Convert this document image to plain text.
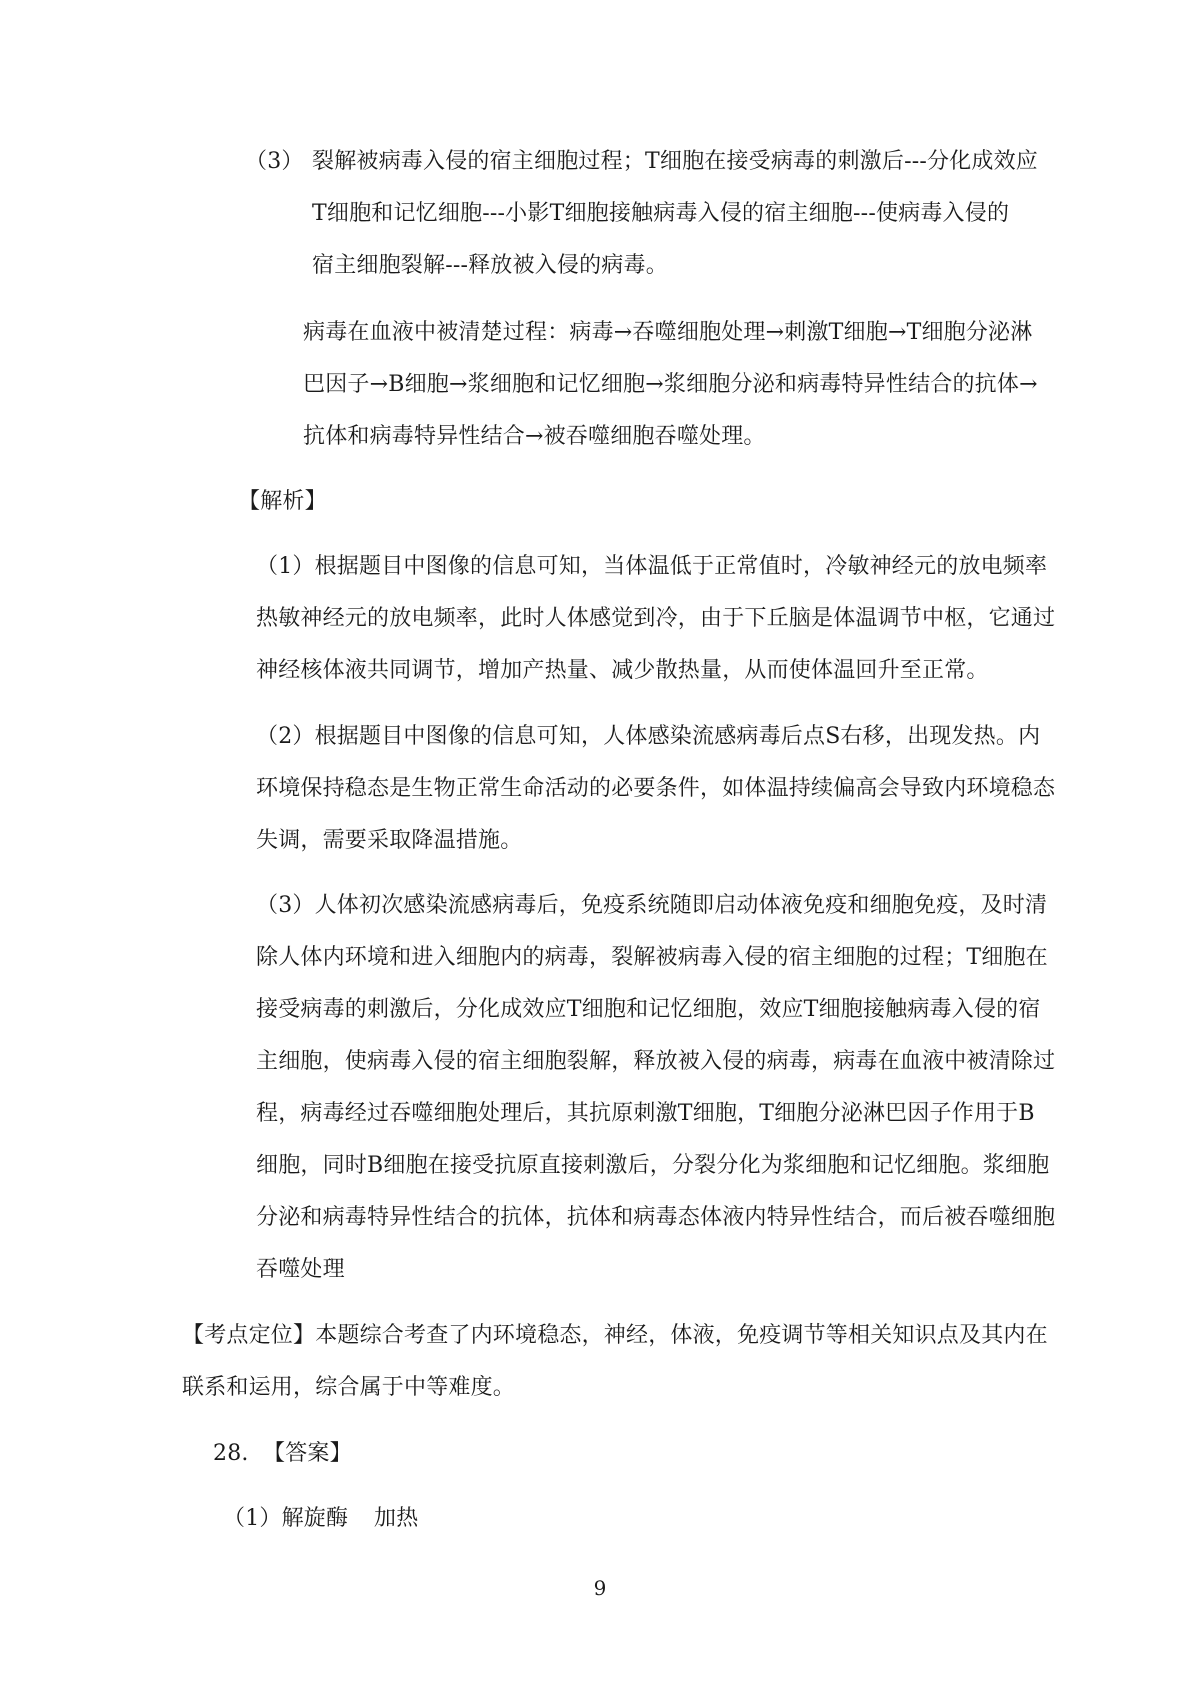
（3） 裂解被病毒入侵的宿主细胞过程；T细胞在接受病毒的刺激后---分化成效应
T细胞和记忆细胞---小影T细胞接触病毒入侵的宿主细胞---使病毒入侵的
宿主细胞裂解---释放被入侵的病毒。
病毒在血液中被清楚过程：病毒→吞噬细胞处理→刺激T细胞→T细胞分泌淋
巴因子→B细胞→浆细胞和记忆细胞→浆细胞分泌和病毒特异性结合的抗体→
抗体和病毒特异性结合→被吞噬细胞吞噬处理。
【解析】
（1）根据题目中图像的信息可知，当体温低于正常值时，冷敏神经元的放电频率
热敏神经元的放电频率，此时人体感觉到冷，由于下丘脑是体温调节中枢，它通过
神经核体液共同调节，增加产热量、减少散热量，从而使体温回升至正常。
（2）根据题目中图像的信息可知，人体感染流感病毒后点S右移，出现发热。内
环境保持稳态是生物正常生命活动的必要条件，如体温持续偏高会导致内环境稳态
失调，需要采取降温措施。
（3）人体初次感染流感病毒后，免疫系统随即启动体液免疫和细胞免疫，及时清
除人体内环境和进入细胞内的病毒，裂解被病毒入侵的宿主细胞的过程；T细胞在
接受病毒的刺激后，分化成效应T细胞和记忆细胞，效应T细胞接触病毒入侵的宿
主细胞，使病毒入侵的宿主细胞裂解，释放被入侵的病毒，病毒在血液中被清除过
程，病毒经过吞噬细胞处理后，其抗原刺激T细胞，T细胞分泌淋巴因子作用于B
细胞，同时B细胞在接受抗原直接刺激后，分裂分化为浆细胞和记忆细胞。浆细胞
分泌和病毒特异性结合的抗体，抗体和病毒态体液内特异性结合，而后被吞噬细胞
吞噬处理
【考点定位】本题综合考查了内环境稳态，神经，体液，免疫调节等相关知识点及其内在
联系和运用，综合属于中等难度。
28. 【答案】
（1）解旋酶 加热
9
